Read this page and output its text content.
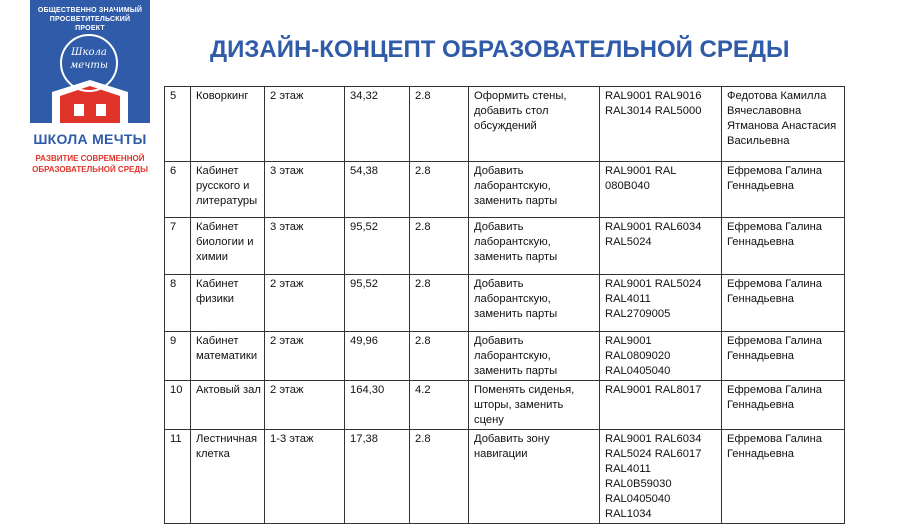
ОБЩЕСТВЕННО ЗНАЧИМЫЙ ПРОСВЕТИТЕЛЬСКИЙ ПРОЕКТ
Школа мечты
ШКОЛА МЕЧТЫ
РАЗВИТИЕ СОВРЕМЕННОЙ ОБРАЗОВАТЕЛЬНОЙ СРЕДЫ
ДИЗАЙН-КОНЦЕПТ ОБРАЗОВАТЕЛЬНОЙ СРЕДЫ
5	Коворкинг	2 этаж	34,32	2.8	Оформить стены, добавить стол обсуждений	RAL9001 RAL9016 RAL3014 RAL5000	Федотова Камилла Вячеславовна Ятманова Анастасия Васильевна
6	Кабинет русского и литературы	3 этаж	54,38	2.8	Добавить лаборантскую, заменить парты	RAL9001 RAL 080B040	Ефремова Галина Геннадьевна
7	Кабинет биологии и химии	3 этаж	95,52	2.8	Добавить лаборантскую, заменить парты	RAL9001 RAL6034 RAL5024	Ефремова Галина Геннадьевна
8	Кабинет физики	2 этаж	95,52	2.8	Добавить лаборантскую, заменить парты	RAL9001 RAL5024 RAL4011 RAL2709005	Ефремова Галина Геннадьевна
9	Кабинет математики	2 этаж	49,96	2.8	Добавить лаборантскую, заменить парты	RAL9001 RAL0809020 RAL0405040	Ефремова Галина Геннадьевна
10	Актовый зал	2 этаж	164,30	4.2	Поменять сиденья, шторы, заменить сцену	RAL9001 RAL8017	Ефремова Галина Геннадьевна
11	Лестничная клетка	1-3 этаж	17,38	2.8	Добавить зону навигации	RAL9001 RAL6034 RAL5024 RAL6017 RAL4011 RAL0B59030 RAL0405040 RAL1034	Ефремова Галина Геннадьевна
